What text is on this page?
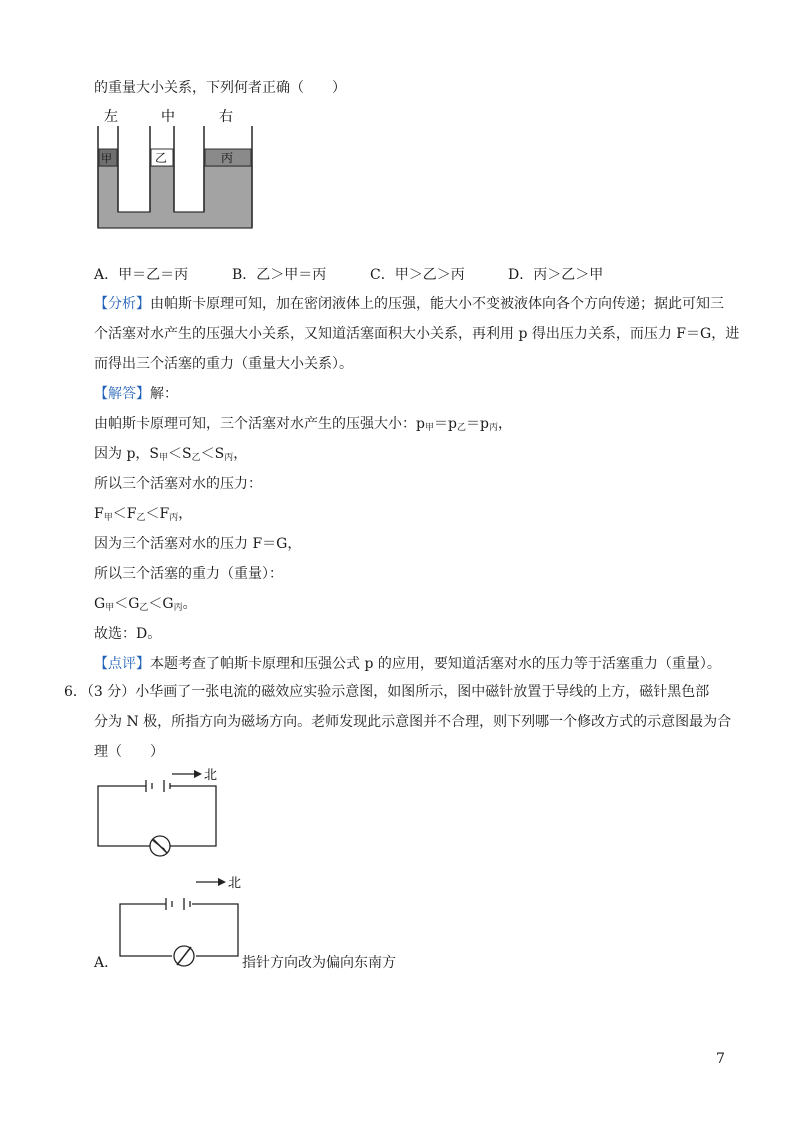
的重量大小关系，下列何者正确（　　）
左	中	右
甲	乙	丙
A．甲＝乙＝丙	B．乙＞甲＝丙	C．甲＞乙＞丙	D．丙＞乙＞甲
【分析】由帕斯卡原理可知，加在密闭液体上的压强，能大小不变被液体向各个方向传递；据此可知三
个活塞对水产生的压强大小关系，又知道活塞面积大小关系，再利用 p 得出压力关系，而压力 F＝G，进
而得出三个活塞的重力（重量大小关系）。
【解答】解：
由帕斯卡原理可知，三个活塞对水产生的压强大小：$p_甲=p_乙=p_丙$，
因为 p，$S_甲<S_乙<S_丙$，
所以三个活塞对水的压力：
$F_甲<F_乙<F_丙$，
因为三个活塞对水的压力 F＝G，
所以三个活塞的重力（重量）：
$G_甲<G_乙<G_丙$。
故选：D。
【点评】本题考查了帕斯卡原理和压强公式 p 的应用，要知道活塞对水的压力等于活塞重力（重量）。
6．（3 分）小华画了一张电流的磁效应实验示意图，如图所示，图中磁针放置于导线的上方，磁针黑色部
分为 N 极，所指方向为磁场方向。老师发现此示意图并不合理，则下列哪一个修改方式的示意图最为合
理（　　）
北
北
A．	指针方向改为偏向东南方
7
